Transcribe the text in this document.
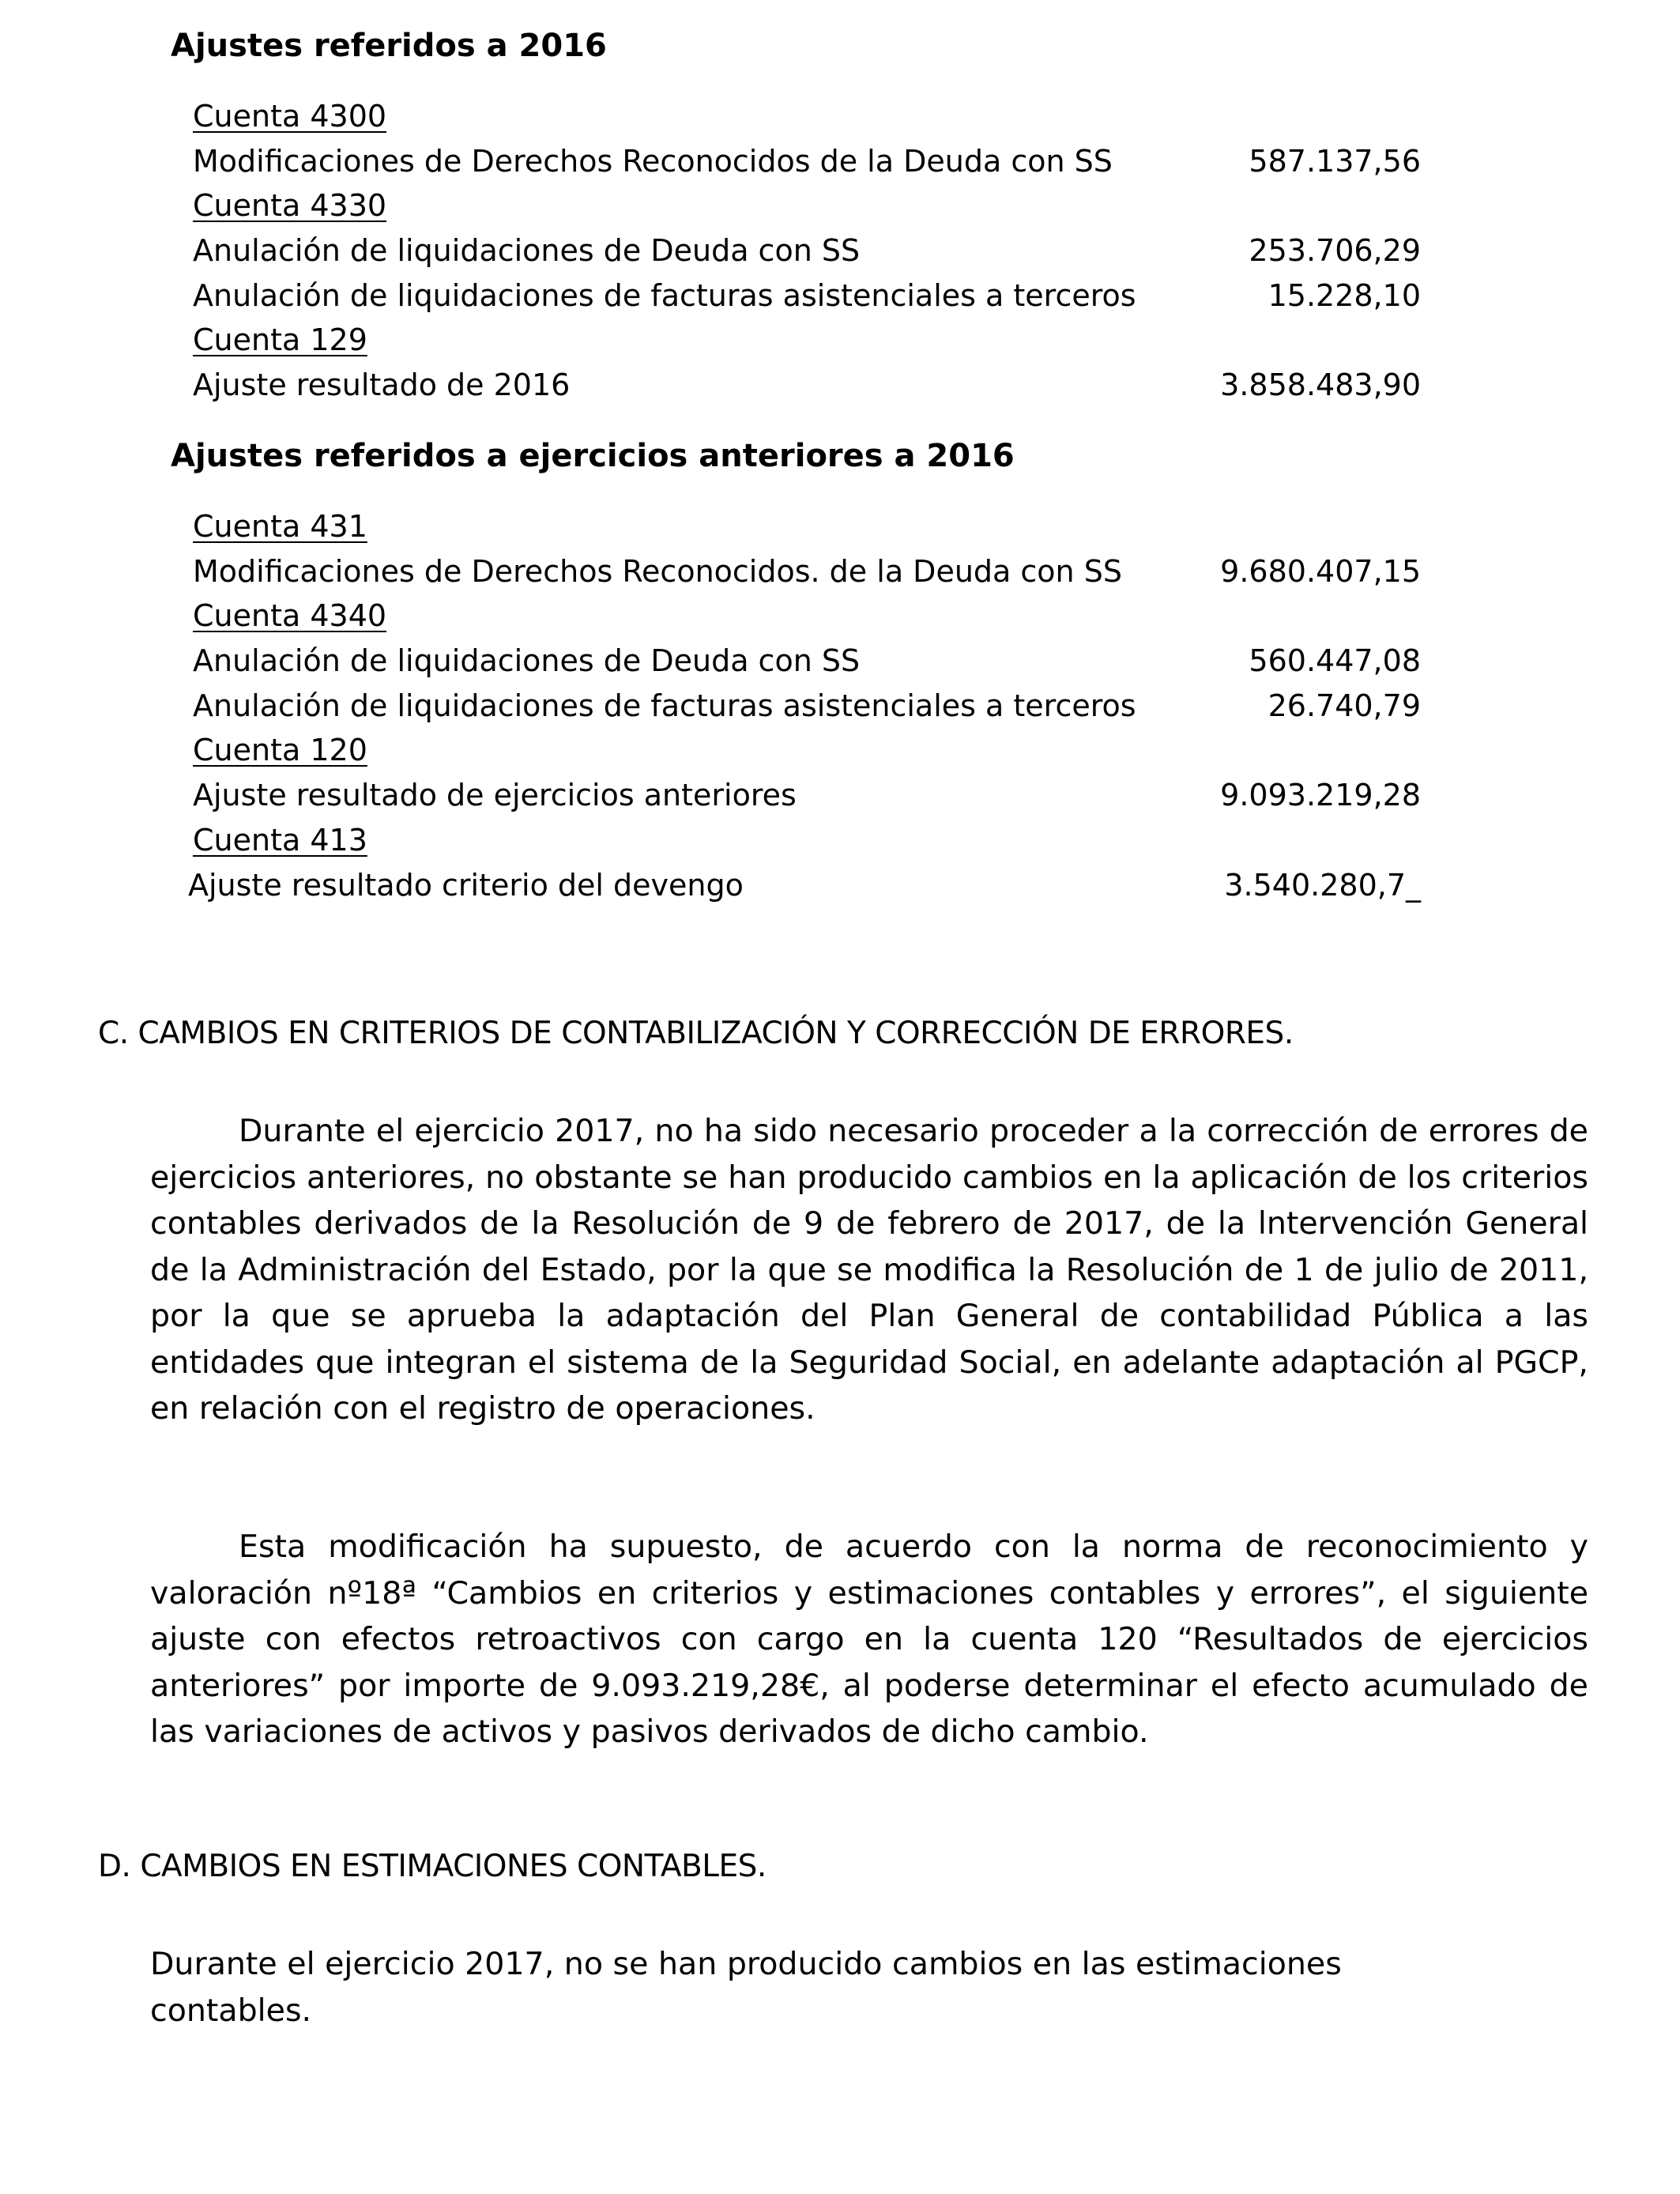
Ajustes referidos a 2016
Cuenta 4300
Modificaciones de Derechos Reconocidos de la Deuda con SS	587.137,56
Cuenta 4330
Anulación de liquidaciones de Deuda con SS	253.706,29
Anulación de liquidaciones de facturas asistenciales a terceros	15.228,10
Cuenta 129
Ajuste resultado de 2016	3.858.483,90
Ajustes referidos a ejercicios anteriores a 2016
Cuenta 431
Modificaciones de Derechos Reconocidos. de la Deuda con SS	9.680.407,15
Cuenta 4340
Anulación de liquidaciones de Deuda con SS	560.447,08
Anulación de liquidaciones de facturas asistenciales a terceros	26.740,79
Cuenta 120
Ajuste resultado de ejercicios anteriores	9.093.219,28
Cuenta 413
Ajuste resultado criterio del devengo	3.540.280,7_
C. CAMBIOS EN CRITERIOS DE CONTABILIZACIÓN Y CORRECCIÓN DE ERRORES.

Durante el ejercicio 2017, no ha sido necesario proceder a la corrección de errores de ejercicios anteriores, no obstante se han producido cambios en la aplicación de los criterios contables derivados de la Resolución de 9 de febrero de 2017, de la lntervención General de la Administración del Estado, por la que se modifica la Resolución de 1 de julio de 2011, por la que se aprueba la adaptación del Plan General de contabilidad Pública a las entidades que integran el sistema de la Seguridad Social, en adelante adaptación al PGCP, en relación con el registro de operaciones.

Esta modificación ha supuesto, de acuerdo con la norma de reconocimiento y valoración nº18ª “Cambios en criterios y estimaciones contables y errores”, el siguiente ajuste con efectos retroactivos con cargo en la cuenta 120 “Resultados de ejercicios anteriores” por importe de 9.093.219,28€, al poderse determinar el efecto acumulado de las variaciones de activos y pasivos derivados de dicho cambio.

D. CAMBIOS EN ESTIMACIONES CONTABLES.

Durante el ejercicio 2017, no se han producido cambios en las estimaciones contables.
